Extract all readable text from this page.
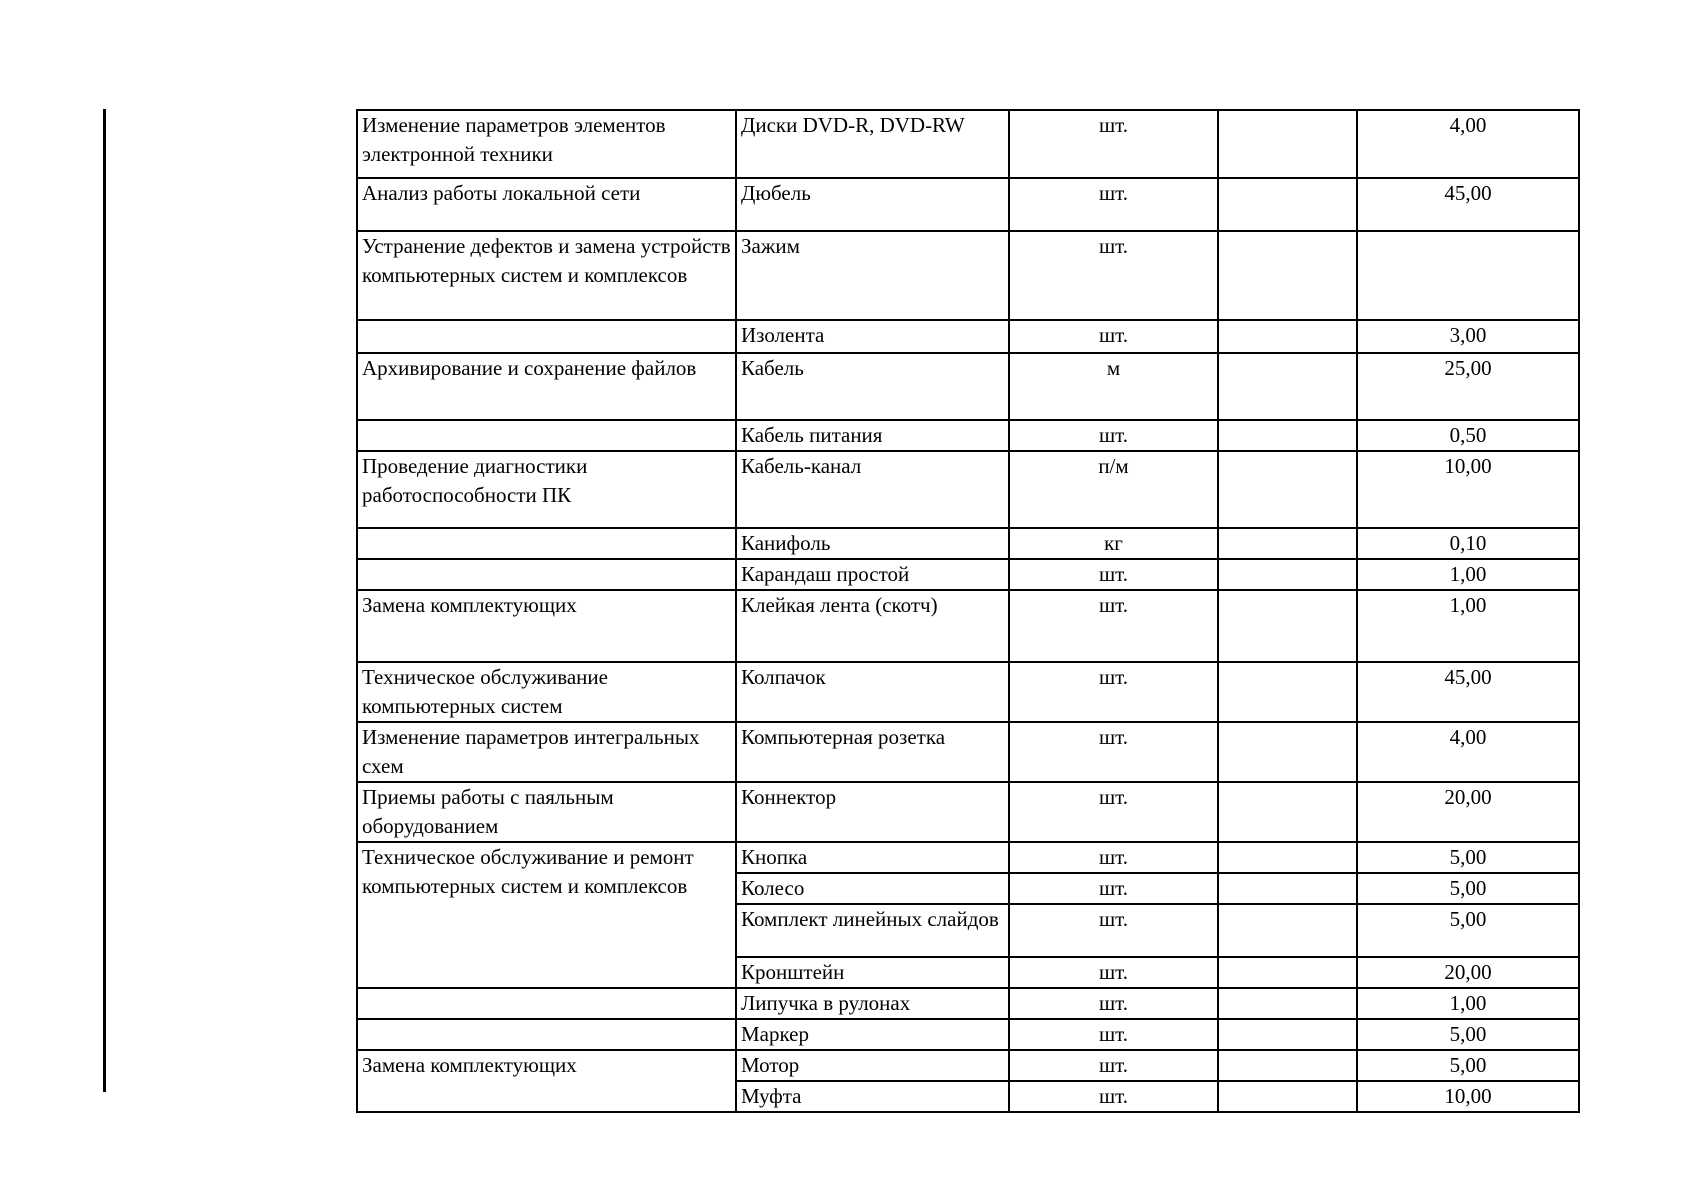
Изменение параметров элементов электронной техники	Диски DVD-R, DVD-RW	шт.		4,00
Анализ работы локальной сети	Дюбель	шт.		45,00
Устранение дефектов и замена устройств компьютерных систем и комплексов	Зажим	шт.		
	Изолента	шт.		3,00
Архивирование и сохранение файлов	Кабель	м		25,00
	Кабель питания	шт.		0,50
Проведение диагностики работоспособности ПК	Кабель-канал	п/м		10,00
	Канифоль	кг		0,10
	Карандаш простой	шт.		1,00
Замена комплектующих	Клейкая лента (скотч)	шт.		1,00
Техническое обслуживание компьютерных систем	Колпачок	шт.		45,00
Изменение параметров интегральных схем	Компьютерная розетка	шт.		4,00
Приемы работы с паяльным оборудованием	Коннектор	шт.		20,00
Техническое обслуживание и ремонт компьютерных систем и комплексов	Кнопка	шт.		5,00
	Колесо	шт.		5,00
	Комплект линейных слайдов	шт.		5,00
	Кронштейн	шт.		20,00
	Липучка в рулонах	шт.		1,00
	Маркер	шт.		5,00
Замена комплектующих	Мотор	шт.		5,00
	Муфта	шт.		10,00
